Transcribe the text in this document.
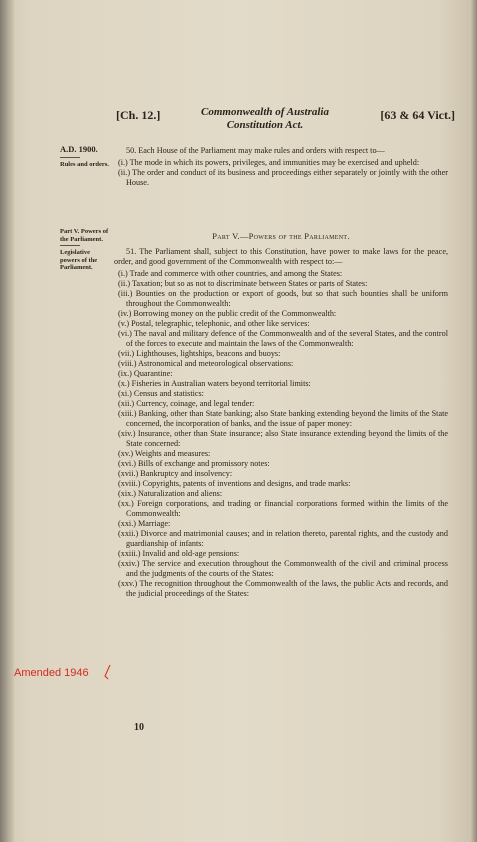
[Ch. 12.]	Commonwealth of Australia
Constitution Act.
[63 & 64 Vict.]
A.D. 1900.
Rules and orders.
Part V. Powers of the Parliament.
Legislative powers of the Parliament.

50. Each House of the Parliament may make rules and orders with respect to—

(i.) The mode in which its powers, privileges, and immunities may be exercised and upheld:

(ii.) The order and conduct of its business and proceedings either separately or jointly with the other House.

Part V.—Powers of the Parliament.

51. The Parliament shall, subject to this Constitution, have power to make laws for the peace, order, and good government of the Commonwealth with respect to:—

(i.) Trade and commerce with other countries, and among the States:

(ii.) Taxation; but so as not to discriminate between States or parts of States:

(iii.) Bounties on the production or export of goods, but so that such bounties shall be uniform throughout the Commonwealth:

(iv.) Borrowing money on the public credit of the Commonwealth:

(v.) Postal, telegraphic, telephonic, and other like services:

(vi.) The naval and military defence of the Commonwealth and of the several States, and the control of the forces to execute and maintain the laws of the Commonwealth:

(vii.) Lighthouses, lightships, beacons and buoys:

(viii.) Astronomical and meteorological observations:

(ix.) Quarantine:

(x.) Fisheries in Australian waters beyond territorial limits:

(xi.) Census and statistics:

(xii.) Currency, coinage, and legal tender:

(xiii.) Banking, other than State banking; also State banking extending beyond the limits of the State concerned, the incorporation of banks, and the issue of paper money:

(xiv.) Insurance, other than State insurance; also State insurance extending beyond the limits of the State concerned:

(xv.) Weights and measures:

(xvi.) Bills of exchange and promissory notes:

(xvii.) Bankruptcy and insolvency:

(xviii.) Copyrights, patents of inventions and designs, and trade marks:

(xix.) Naturalization and aliens:

(xx.) Foreign corporations, and trading or financial corporations formed within the limits of the Commonwealth:

(xxi.) Marriage:

(xxii.) Divorce and matrimonial causes; and in relation thereto, parental rights, and the custody and guardianship of infants:

(xxiii.) Invalid and old-age pensions:

(xxiv.) The service and execution throughout the Commonwealth of the civil and criminal process and the judgments of the courts of the States:

(xxv.) The recognition throughout the Commonwealth of the laws, the public Acts and records, and the judicial proceedings of the States:

Amended 1946
10
